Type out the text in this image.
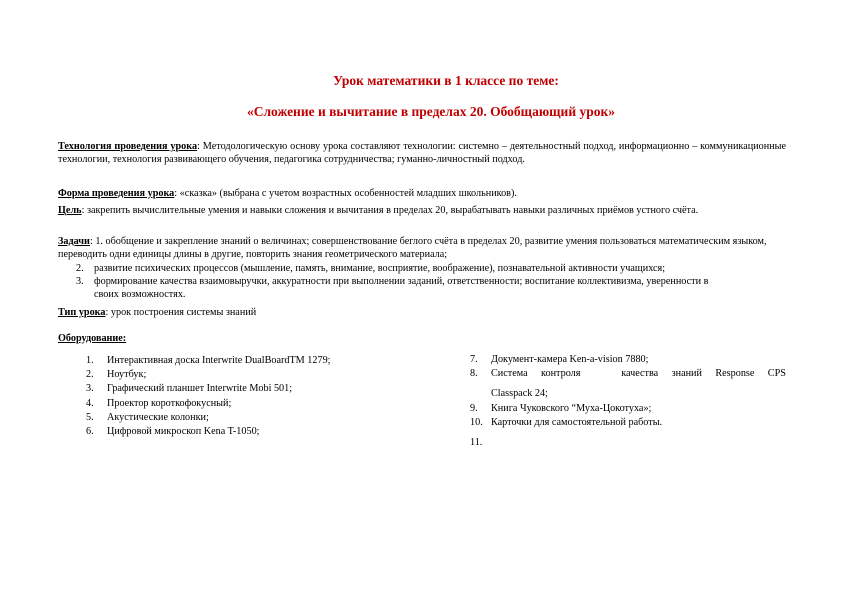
Урок математики в 1 классе по теме:
«Сложение и вычитание в пределах 20. Обобщающий урок»
Технология проведения урока: Методологическую основу урока составляют технологии: системно – деятельностный подход, информационно – коммуникационные технологии, технология развивающего обучения, педагогика сотрудничества; гуманно-личностный подход.
Форма проведения урока: «сказка» (выбрана с учетом возрастных особенностей младших школьников).
Цель: закрепить вычислительные умения и навыки сложения и вычитания в пределах 20, вырабатывать навыки различных приёмов устного счёта.
Задачи: 1. обобщение и закрепление знаний о величинах; совершенствование беглого счёта в пределах 20, развитие умения пользоваться математическим языком, переводить одни единицы длины в другие, повторить знания геометрического материала;
2. развитие психических процессов (мышление, память, внимание, восприятие, воображение), познавательной активности учащихся;
3. формирование качества взаимовыручки, аккуратности при выполнении заданий, ответственности; воспитание коллективизма, уверенности в своих возможностях.
Тип урока: урок построения системы знаний
Оборудование:
1. Интерактивная доска Interwrite DualBoardTM 1279;
2. Ноутбук;
3. Графический планшет Interwrite Mobi 501;
4. Проектор короткофокусный;
5. Акустические колонки;
6. Цифровой микроскоп Kena T-1050;
7. Документ-камера Ken-a-vision 7880;
8. Система контроля	качества знаний Response CPS
Classpack 24;
9. Книга Чуковского “Муха-Цокотуха»;
10. Карточки для самостоятельной работы.
11.
